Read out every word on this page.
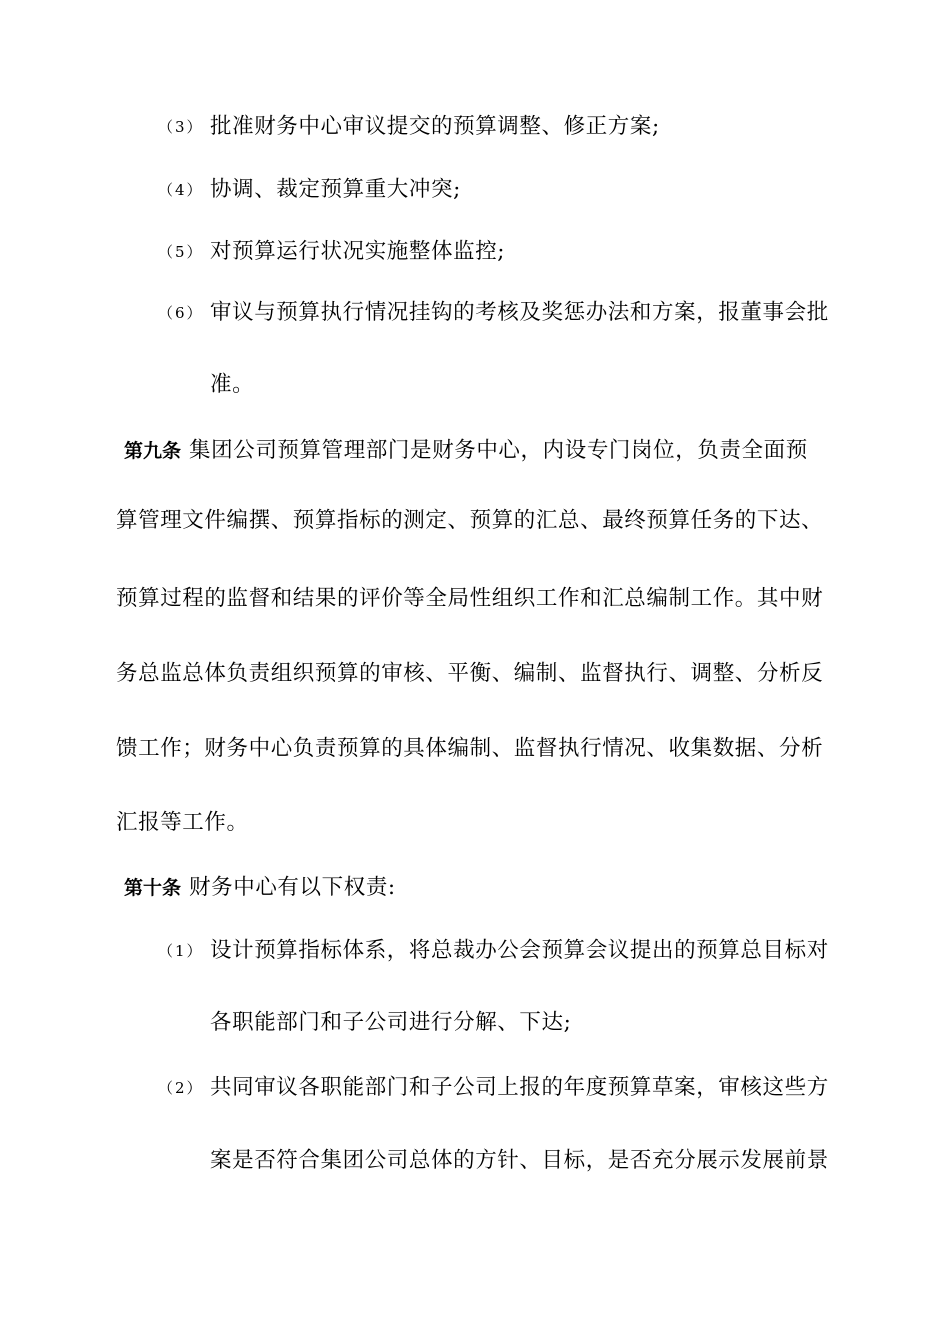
（3） 批准财务中心审议提交的预算调整、修正方案;
（4） 协调、裁定预算重大冲突;
（5） 对预算运行状况实施整体监控;
（6） 审议与预算执行情况挂钩的考核及奖惩办法和方案，报董事会批
准。
第九条 集团公司预算管理部门是财务中心，内设专门岗位，负责全面预
算管理文件编撰、预算指标的测定、预算的汇总、最终预算任务的下达、
预算过程的监督和结果的评价等全局性组织工作和汇总编制工作。其中财
务总监总体负责组织预算的审核、平衡、编制、监督执行、调整、分析反
馈工作；财务中心负责预算的具体编制、监督执行情况、收集数据、分析
汇报等工作。
第十条 财务中心有以下权责:
（1） 设计预算指标体系，将总裁办公会预算会议提出的预算总目标对
各职能部门和子公司进行分解、下达;
（2） 共同审议各职能部门和子公司上报的年度预算草案，审核这些方
案是否符合集团公司总体的方针、目标，是否充分展示发展前景
